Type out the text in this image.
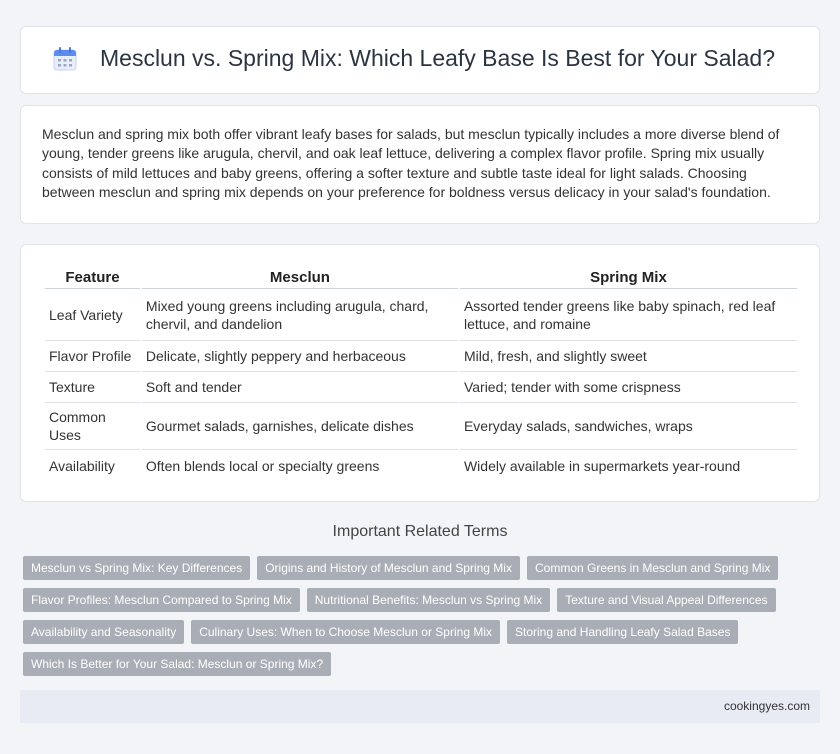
Mesclun vs. Spring Mix: Which Leafy Base Is Best for Your Salad?

Mesclun and spring mix both offer vibrant leafy bases for salads, but mesclun typically includes a more diverse blend of young, tender greens like arugula, chervil, and oak leaf lettuce, delivering a complex flavor profile. Spring mix usually consists of mild lettuces and baby greens, offering a softer texture and subtle taste ideal for light salads. Choosing between mesclun and spring mix depends on your preference for boldness versus delicacy in your salad's foundation.

Feature	Mesclun	Spring Mix
Leaf Variety	Mixed young greens including arugula, chard, chervil, and dandelion	Assorted tender greens like baby spinach, red leaf lettuce, and romaine
Flavor Profile	Delicate, slightly peppery and herbaceous	Mild, fresh, and slightly sweet
Texture	Soft and tender	Varied; tender with some crispness
Common Uses	Gourmet salads, garnishes, delicate dishes	Everyday salads, sandwiches, wraps
Availability	Often blends local or specialty greens	Widely available in supermarkets year-round
Important Related Terms
Mesclun vs Spring Mix: Key Differences	Origins and History of Mesclun and Spring Mix	Common Greens in Mesclun and Spring Mix
Flavor Profiles: Mesclun Compared to Spring Mix	Nutritional Benefits: Mesclun vs Spring Mix	Texture and Visual Appeal Differences
Availability and Seasonality	Culinary Uses: When to Choose Mesclun or Spring Mix	Storing and Handling Leafy Salad Bases
Which Is Better for Your Salad: Mesclun or Spring Mix?
cookingyes.com
